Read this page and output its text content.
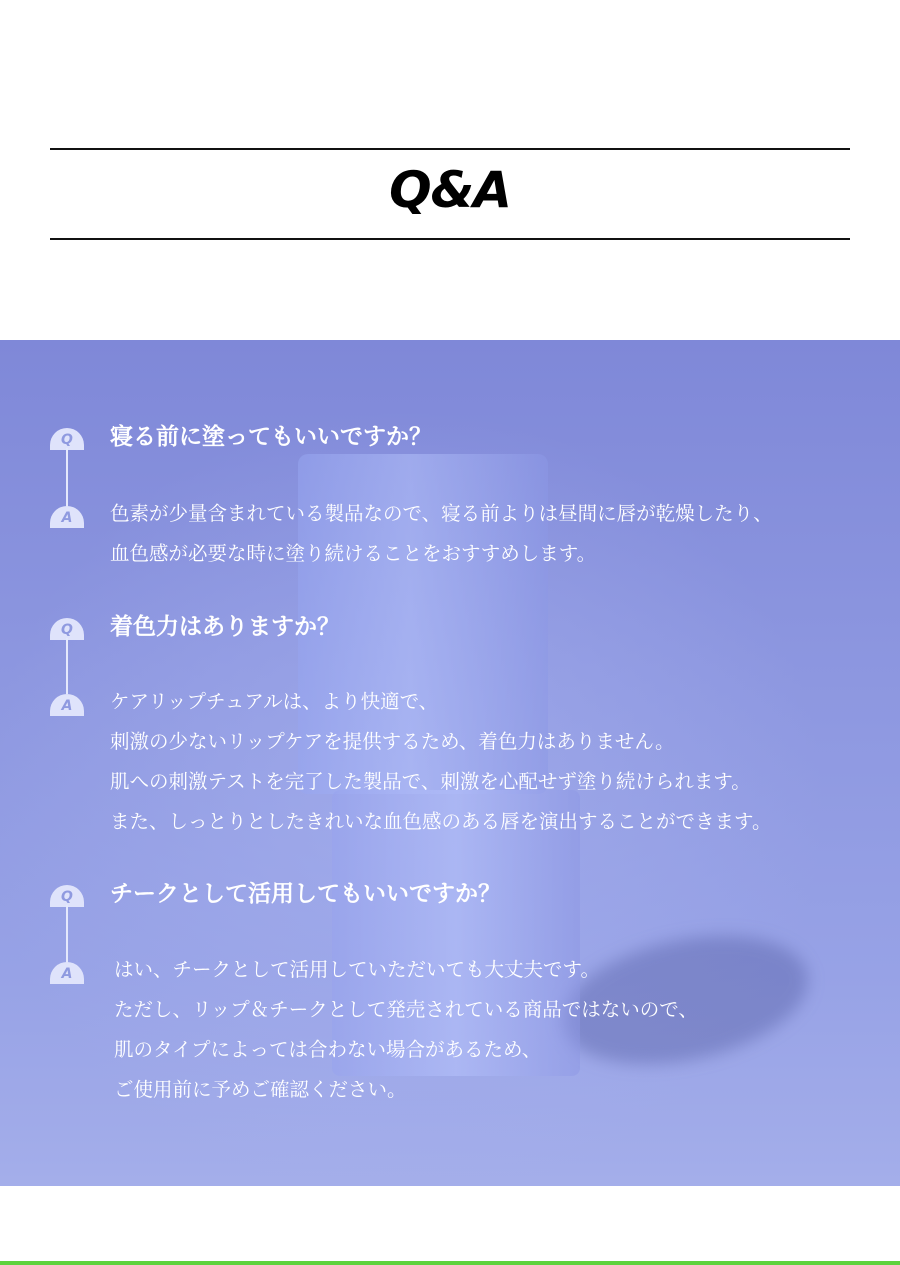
Q&A
Q	寝る前に塗ってもいいですか？
A	色素が少量含まれている製品なので、寝る前よりは昼間に唇が乾燥したり、
血色感が必要な時に塗り続けることをおすすめします。
Q	着色力はありますか？
A	ケアリップチュアルは、より快適で、
刺激の少ないリップケアを提供するため、着色力はありません。
肌への刺激テストを完了した製品で、刺激を心配せず塗り続けられます。
また、しっとりとしたきれいな血色感のある唇を演出することができます。
Q	チークとして活用してもいいですか？
A	はい、チークとして活用していただいても大丈夫です。
ただし、リップ＆チークとして発売されている商品ではないので、
肌のタイプによっては合わない場合があるため、
ご使用前に予めご確認ください。
